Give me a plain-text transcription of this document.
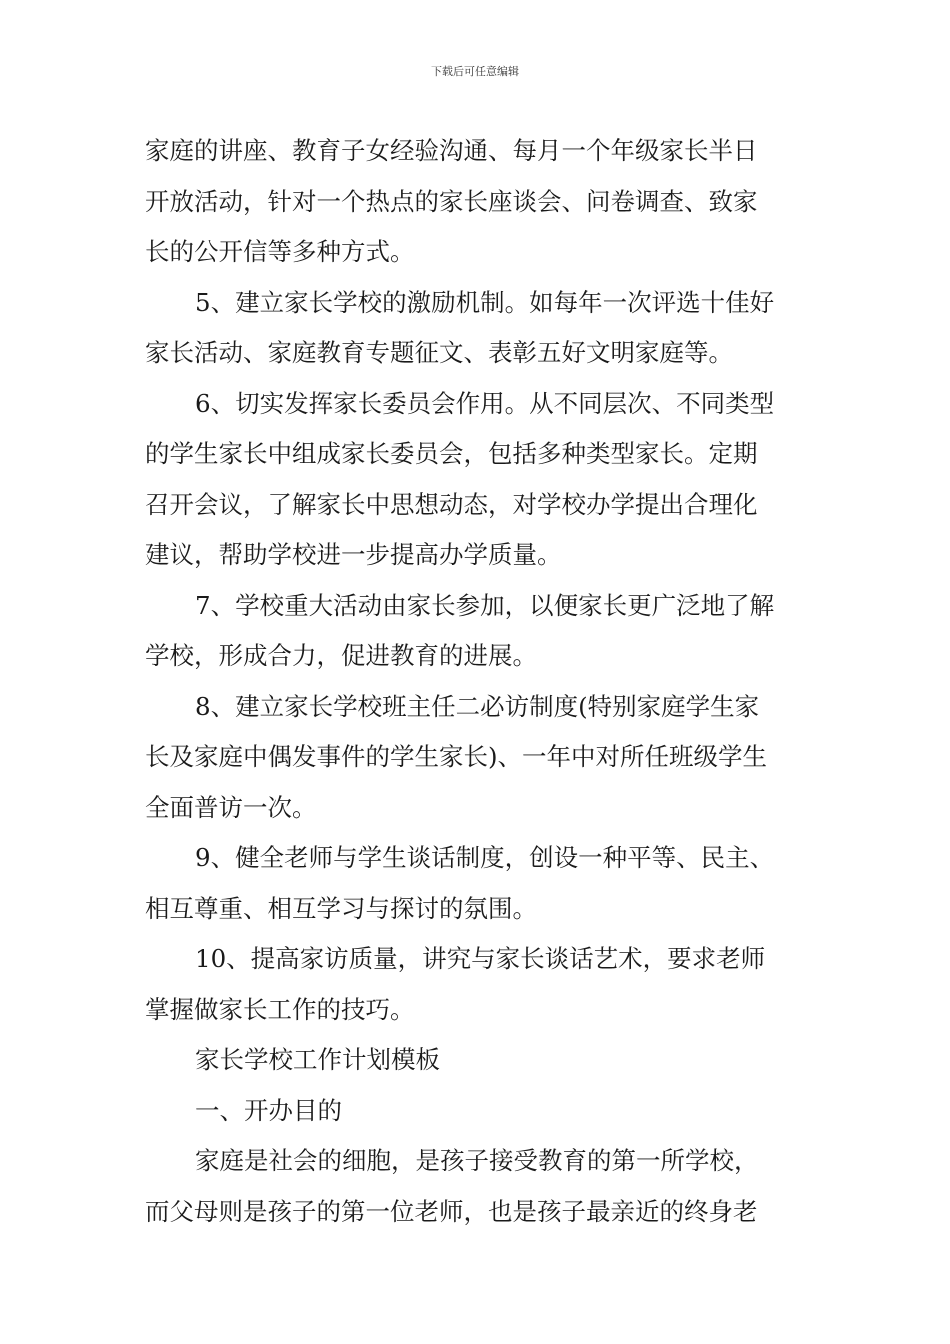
下载后可任意编辑
家庭的讲座、教育子女经验沟通、每月一个年级家长半日
开放活动，针对一个热点的家长座谈会、问卷调查、致家
长的公开信等多种方式。
5、建立家长学校的激励机制。如每年一次评选十佳好
家长活动、家庭教育专题征文、表彰五好文明家庭等。
6、切实发挥家长委员会作用。从不同层次、不同类型
的学生家长中组成家长委员会，包括多种类型家长。定期
召开会议，了解家长中思想动态，对学校办学提出合理化
建议，帮助学校进一步提高办学质量。
7、学校重大活动由家长参加，以便家长更广泛地了解
学校，形成合力，促进教育的进展。
8、建立家长学校班主任二必访制度(特别家庭学生家
长及家庭中偶发事件的学生家长)、一年中对所任班级学生
全面普访一次。
9、健全老师与学生谈话制度，创设一种平等、民主、
相互尊重、相互学习与探讨的氛围。
10、提高家访质量，讲究与家长谈话艺术，要求老师
掌握做家长工作的技巧。
家长学校工作计划模板
一、开办目的
家庭是社会的细胞，是孩子接受教育的第一所学校，
而父母则是孩子的第一位老师，也是孩子最亲近的终身老
